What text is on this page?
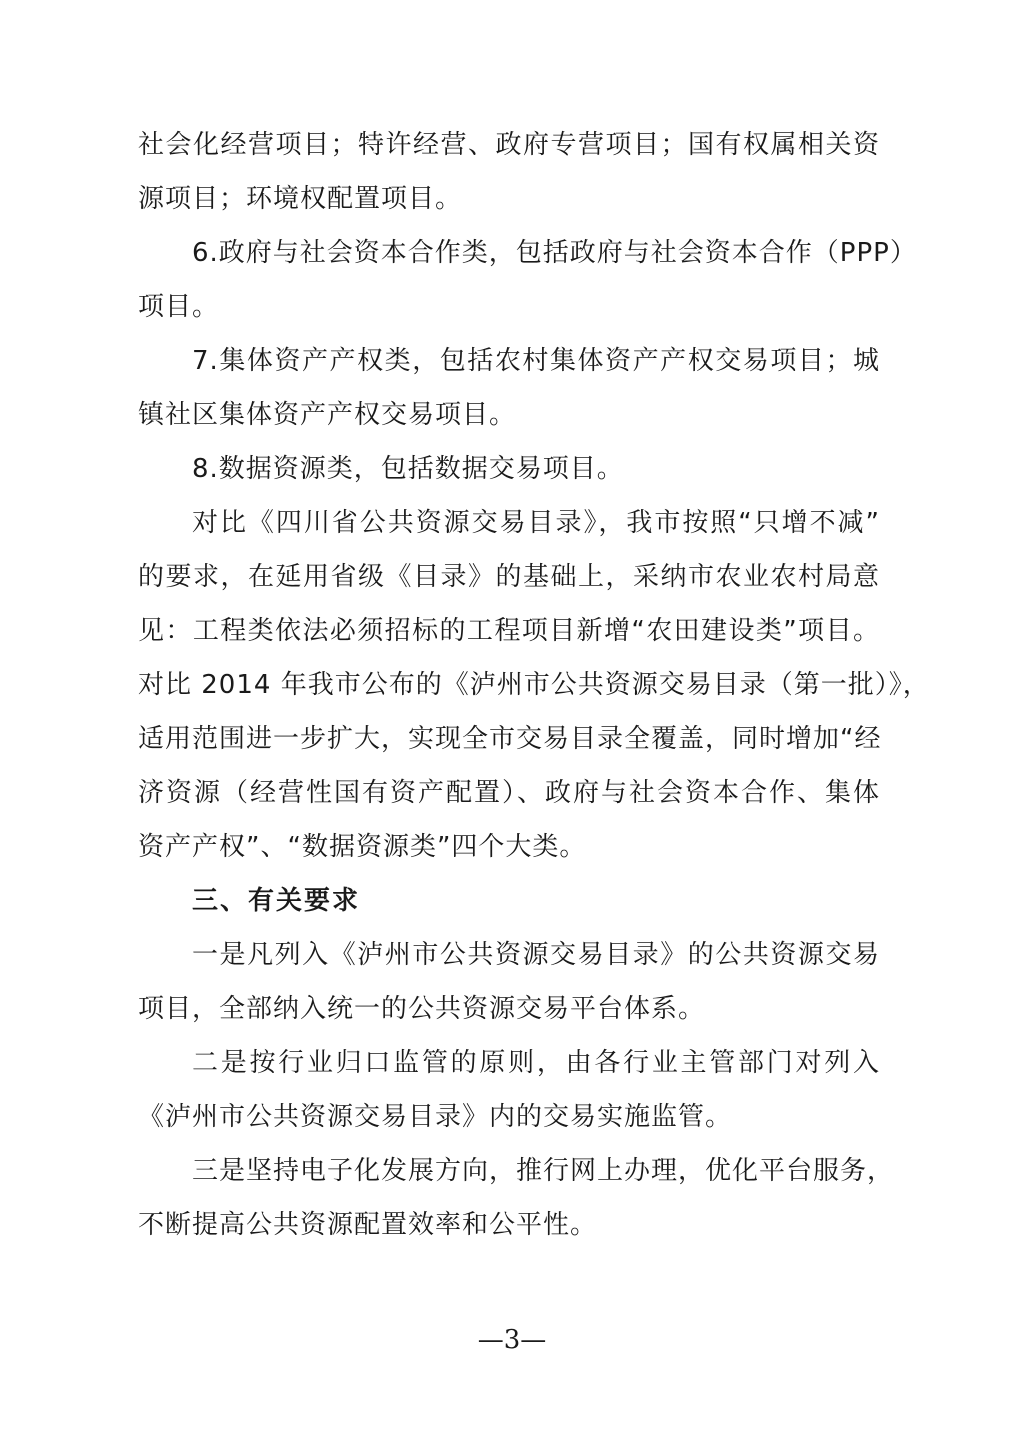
社会化经营项目；特许经营、政府专营项目；国有权属相关资
源项目；环境权配置项目。
6.政府与社会资本合作类，包括政府与社会资本合作（PPP）
项目。
7.集体资产产权类，包括农村集体资产产权交易项目；城
镇社区集体资产产权交易项目。
8.数据资源类，包括数据交易项目。
对比《四川省公共资源交易目录》，我市按照“只增不减”
的要求，在延用省级《目录》的基础上，采纳市农业农村局意
见：工程类依法必须招标的工程项目新增“农田建设类”项目。
对比 2014 年我市公布的《泸州市公共资源交易目录（第一批）》，
适用范围进一步扩大，实现全市交易目录全覆盖，同时增加“经
济资源（经营性国有资产配置）、政府与社会资本合作、集体
资产产权”、“数据资源类”四个大类。
三、有关要求
一是凡列入《泸州市公共资源交易目录》的公共资源交易
项目，全部纳入统一的公共资源交易平台体系。
二是按行业归口监管的原则，由各行业主管部门对列入
《泸州市公共资源交易目录》内的交易实施监管。
三是坚持电子化发展方向，推行网上办理，优化平台服务，
不断提高公共资源配置效率和公平性。
—3—
